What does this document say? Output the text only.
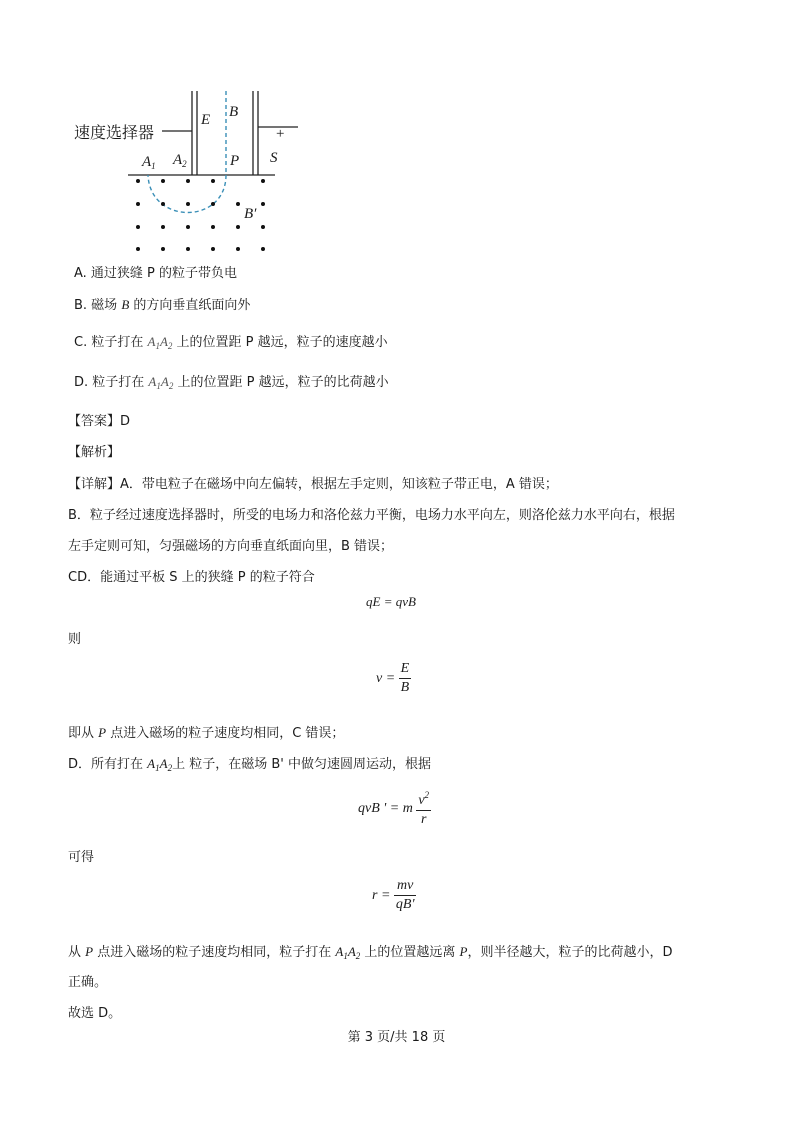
速度选择器
E B
+
P S
$A_1$ $A_2$
B′
A. 通过狭缝 P 的粒子带负电
B. 磁场 B 的方向垂直纸面向外
C. 粒子打在 $A_1A_2$ 上的位置距 P 越远，粒子的速度越小
D. 粒子打在 $A_1A_2$ 上的位置距 P 越远，粒子的比荷越小
【答案】D
【解析】
【详解】A．带电粒子在磁场中向左偏转，根据左手定则，知该粒子带正电，A 错误；
B．粒子经过速度选择器时，所受的电场力和洛伦兹力平衡，电场力水平向左，则洛伦兹力水平向右，根据
左手定则可知，匀强磁场的方向垂直纸面向里，B 错误；
CD．能通过平板 S 上的狭缝 P 的粒子符合
qE = qvB
则
v =
$\frac{E}{B}$
即从 P 点进入磁场的粒子速度均相同，C 错误；
D．所有打在 $A_1A_2$上 粒子，在磁场 B' 中做匀速圆周运动，根据
qvB ' = m
$\frac{v^2}{r}$
可得
r =
$\frac{mv}{qB'}$
从 P 点进入磁场的粒子速度均相同，粒子打在 $A_1A_2$ 上的位置越远离 P，则半径越大，粒子的比荷越小，D
正确。
故选 D。
第 3 页/共 18 页
